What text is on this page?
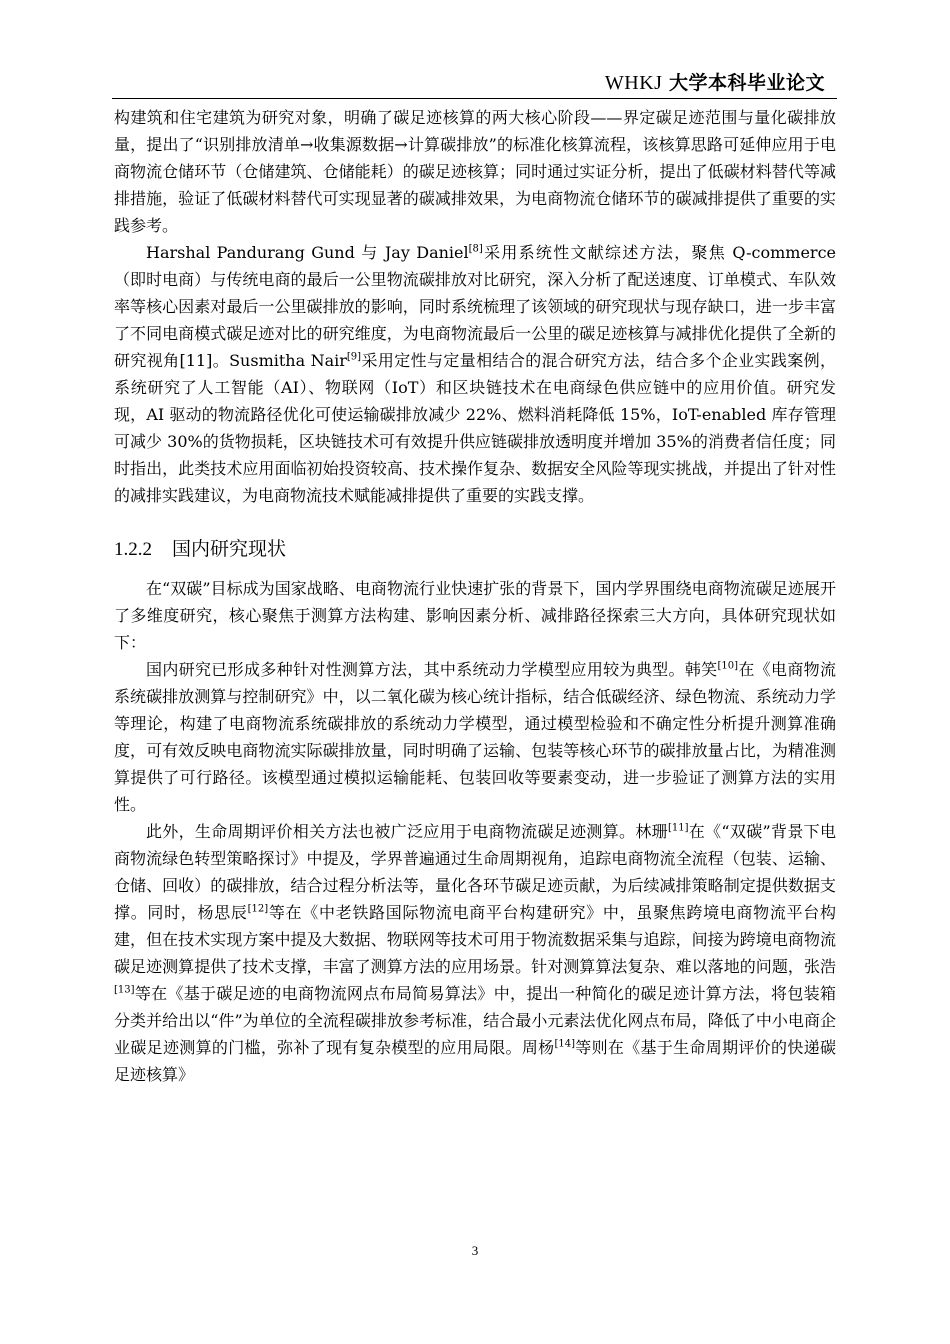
WHKJ 大学本科毕业论文

构建筑和住宅建筑为研究对象，明确了碳足迹核算的两大核心阶段——界定碳足迹范围与量化碳排放量，提出了“识别排放清单→收集源数据→计算碳排放”的标准化核算流程，该核算思路可延伸应用于电商物流仓储环节（仓储建筑、仓储能耗）的碳足迹核算；同时通过实证分析，提出了低碳材料替代等减排措施，验证了低碳材料替代可实现显著的碳减排效果，为电商物流仓储环节的碳减排提供了重要的实践参考。

Harshal Pandurang Gund 与 Jay Daniel[8]采用系统性文献综述方法，聚焦 Q-commerce（即时电商）与传统电商的最后一公里物流碳排放对比研究，深入分析了配送速度、订单模式、车队效率等核心因素对最后一公里碳排放的影响，同时系统梳理了该领域的研究现状与现存缺口，进一步丰富了不同电商模式碳足迹对比的研究维度，为电商物流最后一公里的碳足迹核算与减排优化提供了全新的研究视角[11]。Susmitha Nair[9]采用定性与定量相结合的混合研究方法，结合多个企业实践案例，系统研究了人工智能（AI）、物联网（IoT）和区块链技术在电商绿色供应链中的应用价值。研究发现，AI 驱动的物流路径优化可使运输碳排放减少 22%、燃料消耗降低 15%，IoT-enabled 库存管理可减少 30%的货物损耗，区块链技术可有效提升供应链碳排放透明度并增加 35%的消费者信任度；同时指出，此类技术应用面临初始投资较高、技术操作复杂、数据安全风险等现实挑战，并提出了针对性的减排实践建议，为电商物流技术赋能减排提供了重要的实践支撑。

1.2.2 国内研究现状

在“双碳”目标成为国家战略、电商物流行业快速扩张的背景下，国内学界围绕电商物流碳足迹展开了多维度研究，核心聚焦于测算方法构建、影响因素分析、减排路径探索三大方向，具体研究现状如下：

国内研究已形成多种针对性测算方法，其中系统动力学模型应用较为典型。韩笑[10]在《电商物流系统碳排放测算与控制研究》中，以二氧化碳为核心统计指标，结合低碳经济、绿色物流、系统动力学等理论，构建了电商物流系统碳排放的系统动力学模型，通过模型检验和不确定性分析提升测算准确度，可有效反映电商物流实际碳排放量，同时明确了运输、包装等核心环节的碳排放量占比，为精准测算提供了可行路径。该模型通过模拟运输能耗、包装回收等要素变动，进一步验证了测算方法的实用性。

此外，生命周期评价相关方法也被广泛应用于电商物流碳足迹测算。林珊[11]在《“双碳”背景下电商物流绿色转型策略探讨》中提及，学界普遍通过生命周期视角，追踪电商物流全流程（包装、运输、仓储、回收）的碳排放，结合过程分析法等，量化各环节碳足迹贡献，为后续减排策略制定提供数据支撑。同时，杨思辰[12]等在《中老铁路国际物流电商平台构建研究》中，虽聚焦跨境电商物流平台构建，但在技术实现方案中提及大数据、物联网等技术可用于物流数据采集与追踪，间接为跨境电商物流碳足迹测算提供了技术支撑，丰富了测算方法的应用场景。针对测算算法复杂、难以落地的问题，张浩[13]等在《基于碳足迹的电商物流网点布局简易算法》中，提出一种简化的碳足迹计算方法，将包装箱分类并给出以“件”为单位的全流程碳排放参考标准，结合最小元素法优化网点布局，降低了中小电商企业碳足迹测算的门槛，弥补了现有复杂模型的应用局限。周杨[14]等则在《基于生命周期评价的快递碳足迹核算》

3
